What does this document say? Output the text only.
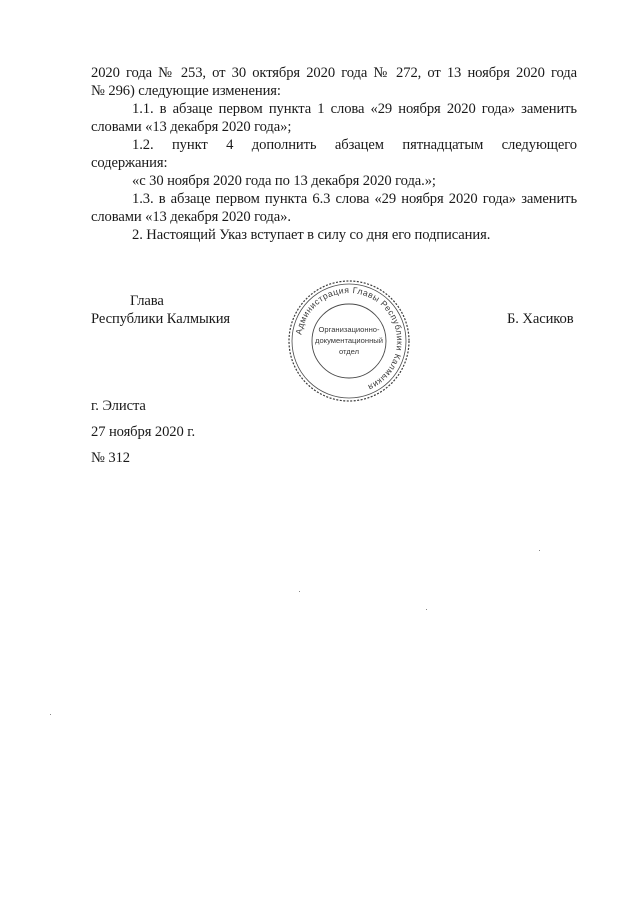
2020 года № 253, от 30 октября 2020 года № 272, от 13 ноября 2020 года
№ 296) следующие изменения:
1.1. в абзаце первом пункта 1 слова «29 ноября 2020 года» заменить
словами «13 декабря 2020 года»;
1.2. пункт 4 дополнить абзацем пятнадцатым следующего
содержания:
«с 30 ноября 2020 года по 13 декабря 2020 года.»;
1.3. в абзаце первом пункта 6.3 слова «29 ноября 2020 года» заменить
словами «13 декабря 2020 года».
2. Настоящий Указ вступает в силу со дня его подписания.
Глава
Республики Калмыкия	Б. Хасиков
Администрация Главы Республики Калмыкия
Организационно-
документационный
отдел
г. Элиста
27 ноября 2020 г.
№ 312
